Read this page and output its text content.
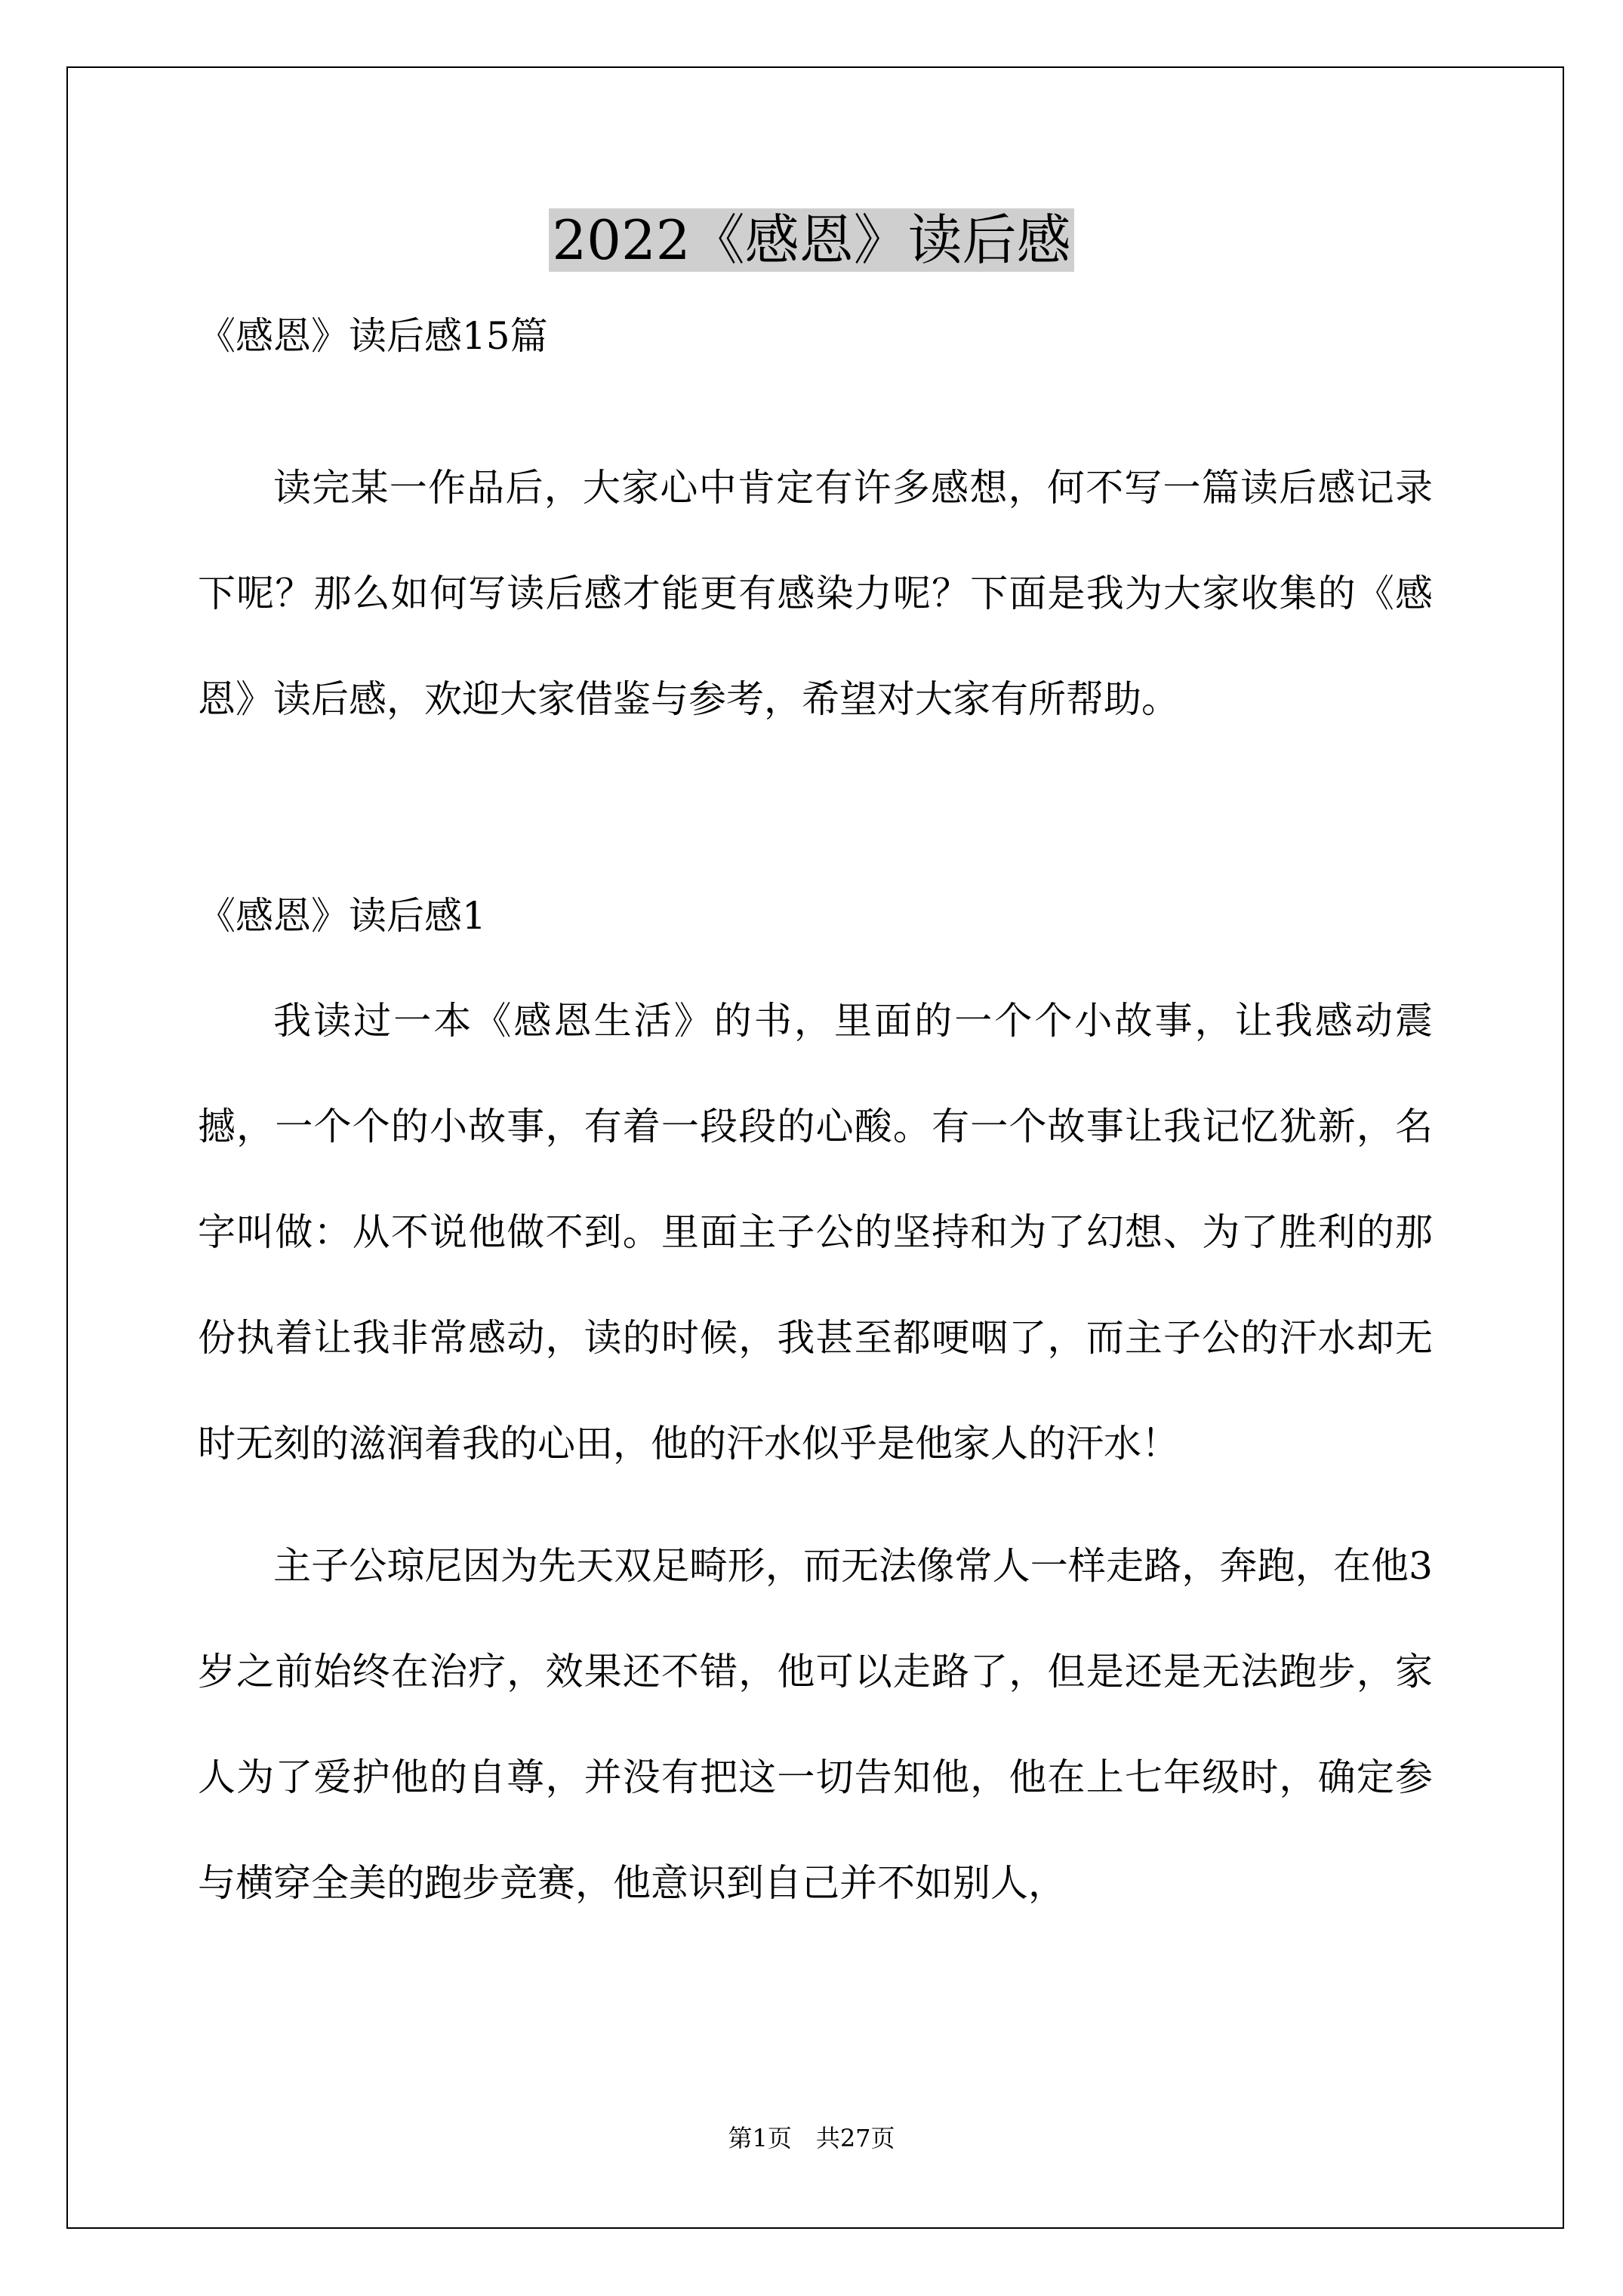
2022《感恩》读后感
《感恩》读后感15篇

读完某一作品后，大家心中肯定有许多感想，何不写一篇读后感记录下呢？那么如何写读后感才能更有感染力呢？下面是我为大家收集的《感恩》读后感，欢迎大家借鉴与参考，希望对大家有所帮助。

《感恩》读后感1

我读过一本《感恩生活》的书，里面的一个个小故事，让我感动震撼，一个个的小故事，有着一段段的心酸。有一个故事让我记忆犹新，名字叫做：从不说他做不到。里面主子公的坚持和为了幻想、为了胜利的那份执着让我非常感动，读的时候，我甚至都哽咽了，而主子公的汗水却无时无刻的滋润着我的心田，他的汗水似乎是他家人的汗水！

主子公琼尼因为先天双足畸形，而无法像常人一样走路，奔跑，在他3岁之前始终在治疗，效果还不错，他可以走路了，但是还是无法跑步，家人为了爱护他的自尊，并没有把这一切告知他，他在上七年级时，确定参与横穿全美的跑步竞赛，他意识到自己并不如别人，

第1页　共27页
